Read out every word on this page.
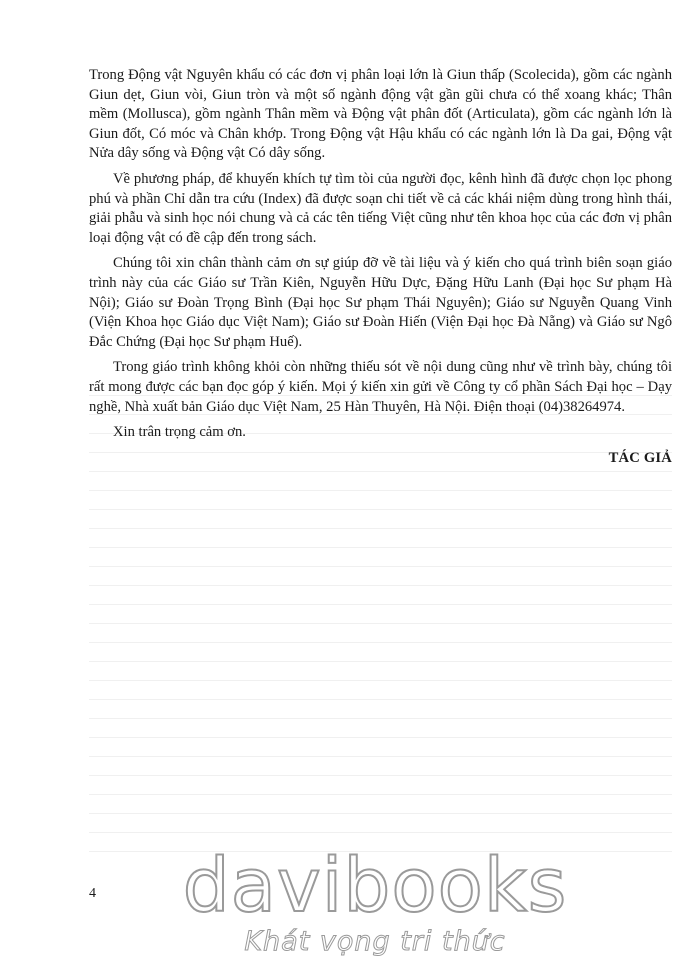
Trong Động vật Nguyên khẩu có các đơn vị phân loại lớn là Giun thấp (Scolecida), gồm các ngành Giun dẹt, Giun vòi, Giun tròn và một số ngành động vật gần gũi chưa có thể xoang khác; Thân mềm (Mollusca), gồm ngành Thân mềm và Động vật phân đốt (Articulata), gồm các ngành lớn là Giun đốt, Có móc và Chân khớp. Trong Động vật Hậu khẩu có các ngành lớn là Da gai, Động vật Nửa dây sống và Động vật Có dây sống.

Về phương pháp, để khuyến khích tự tìm tòi của người đọc, kênh hình đã được chọn lọc phong phú và phần Chỉ dẫn tra cứu (Index) đã được soạn chi tiết về cả các khái niệm dùng trong hình thái, giải phẫu và sinh học nói chung và cả các tên tiếng Việt cũng như tên khoa học của các đơn vị phân loại động vật có đề cập đến trong sách.

Chúng tôi xin chân thành cảm ơn sự giúp đỡ về tài liệu và ý kiến cho quá trình biên soạn giáo trình này của các Giáo sư Trần Kiên, Nguyễn Hữu Dực, Đặng Hữu Lanh (Đại học Sư phạm Hà Nội); Giáo sư Đoàn Trọng Bình (Đại học Sư phạm Thái Nguyên); Giáo sư Nguyễn Quang Vinh (Viện Khoa học Giáo dục Việt Nam); Giáo sư Đoàn Hiến (Viện Đại học Đà Nẵng) và Giáo sư Ngô Đắc Chứng (Đại học Sư phạm Huế).

Trong giáo trình không khỏi còn những thiếu sót về nội dung cũng như về trình bày, chúng tôi rất mong được các bạn đọc góp ý kiến. Mọi ý kiến xin gửi về Công ty cổ phần Sách Đại học – Dạy nghề, Nhà xuất bản Giáo dục Việt Nam, 25 Hàn Thuyên, Hà Nội. Điện thoại (04)38264974.

Xin trân trọng cảm ơn.

TÁC GIẢ
4	davibooks
Khát vọng tri thức
